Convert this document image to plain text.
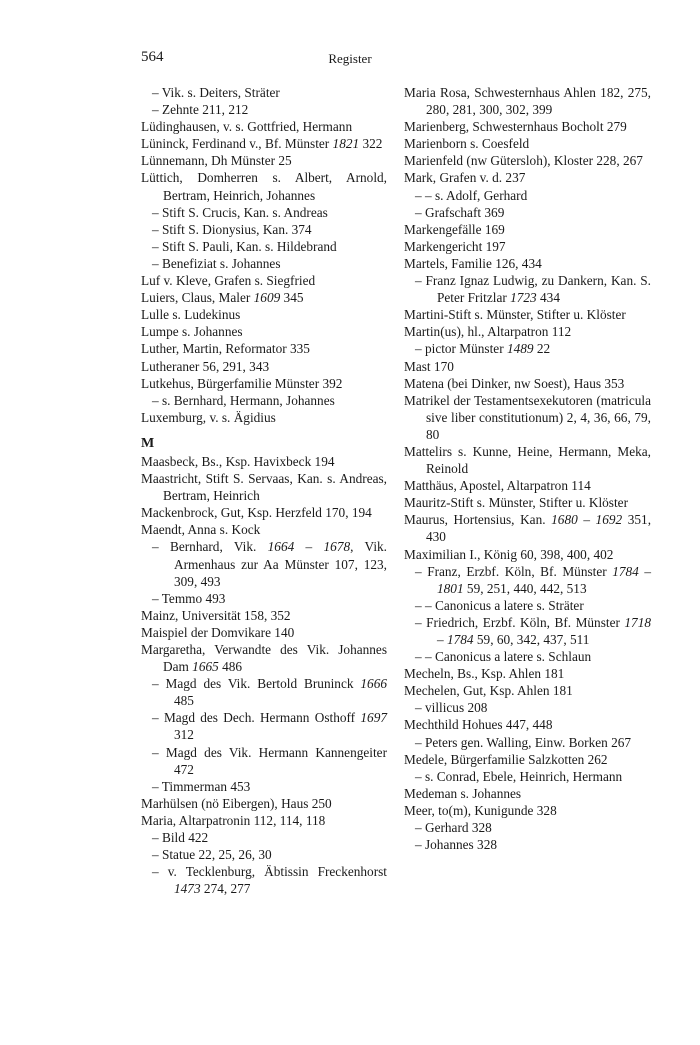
564	Register
– Vik. s. Deiters, Sträter
– Zehnte 211, 212
Lüdinghausen, v. s. Gottfried, Hermann
Lüninck, Ferdinand v., Bf. Münster 1821 322
Lünnemann, Dh Münster 25
Lüttich, Domherren s. Albert, Arnold, Bertram, Heinrich, Johannes
– Stift S. Crucis, Kan. s. Andreas
– Stift S. Dionysius, Kan. 374
– Stift S. Pauli, Kan. s. Hildebrand
– Benefiziat s. Johannes
Luf v. Kleve, Grafen s. Siegfried
Luiers, Claus, Maler 1609 345
Lulle s. Ludekinus
Lumpe s. Johannes
Luther, Martin, Reformator 335
Lutheraner 56, 291, 343
Lutkehus, Bürgerfamilie Münster 392
– s. Bernhard, Hermann, Johannes
Luxemburg, v. s. Ägidius
M
Maasbeck, Bs., Ksp. Havixbeck 194
Maastricht, Stift S. Servaas, Kan. s. Andreas, Bertram, Heinrich
Mackenbrock, Gut, Ksp. Herzfeld 170, 194
Maendt, Anna s. Kock
– Bernhard, Vik. 1664 – 1678, Vik. Armenhaus zur Aa Münster 107, 123, 309, 493
– Temmo 493
Mainz, Universität 158, 352
Maispiel der Domvikare 140
Margaretha, Verwandte des Vik. Johannes Dam 1665 486
– Magd des Vik. Bertold Bruninck 1666 485
– Magd des Dech. Hermann Osthoff 1697 312
– Magd des Vik. Hermann Kannengeiter 472
– Timmerman 453
Marhülsen (nö Eibergen), Haus 250
Maria, Altarpatronin 112, 114, 118
– Bild 422
– Statue 22, 25, 26, 30
– v. Tecklenburg, Äbtissin Freckenhorst 1473 274, 277
Maria Rosa, Schwesternhaus Ahlen 182, 275, 280, 281, 300, 302, 399
Marienberg, Schwesternhaus Bocholt 279
Marienborn s. Coesfeld
Marienfeld (nw Gütersloh), Kloster 228, 267
Mark, Grafen v. d. 237
– – s. Adolf, Gerhard
– Grafschaft 369
Markengefälle 169
Markengericht 197
Martels, Familie 126, 434
– Franz Ignaz Ludwig, zu Dankern, Kan. S. Peter Fritzlar 1723 434
Martini-Stift s. Münster, Stifter u. Klöster
Martin(us), hl., Altarpatron 112
– pictor Münster 1489 22
Mast 170
Matena (bei Dinker, nw Soest), Haus 353
Matrikel der Testamentsexekutoren (matricula sive liber constitutionum) 2, 4, 36, 66, 79, 80
Mattelirs s. Kunne, Heine, Hermann, Meka, Reinold
Matthäus, Apostel, Altarpatron 114
Mauritz-Stift s. Münster, Stifter u. Klöster
Maurus, Hortensius, Kan. 1680 – 1692 351, 430
Maximilian I., König 60, 398, 400, 402
– Franz, Erzbf. Köln, Bf. Münster 1784 – 1801 59, 251, 440, 442, 513
– – Canonicus a latere s. Sträter
– Friedrich, Erzbf. Köln, Bf. Münster 1718 – 1784 59, 60, 342, 437, 511
– – Canonicus a latere s. Schlaun
Mecheln, Bs., Ksp. Ahlen 181
Mechelen, Gut, Ksp. Ahlen 181
– villicus 208
Mechthild Hohues 447, 448
– Peters gen. Walling, Einw. Borken 267
Medele, Bürgerfamilie Salzkotten 262
– s. Conrad, Ebele, Heinrich, Hermann
Medeman s. Johannes
Meer, to(m), Kunigunde 328
– Gerhard 328
– Johannes 328
